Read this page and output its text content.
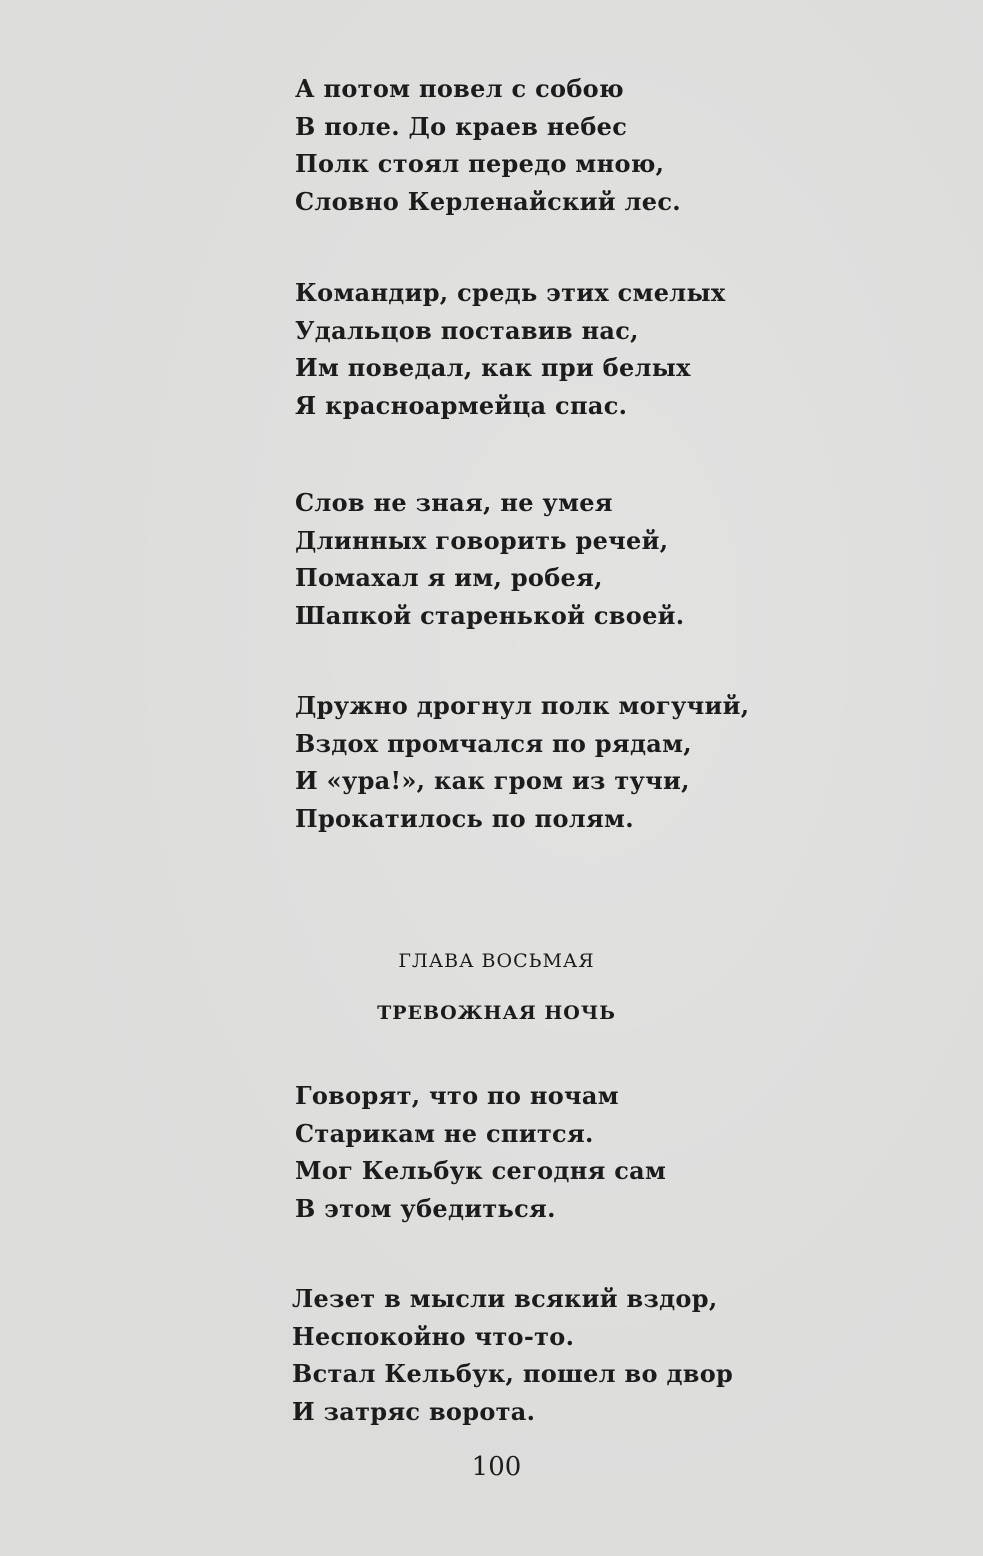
А потом повел с собою
В поле. До краев небес
Полк стоял передо мною,
Словно Керленайский лес.
Командир, средь этих смелых
Удальцов поставив нас,
Им поведал, как при белых
Я красноармейца спас.
Слов не зная, не умея
Длинных говорить речей,
Помахал я им, робея,
Шапкой старенькой своей.
Дружно дрогнул полк могучий,
Вздох промчался по рядам,
И «ура!», как гром из тучи,
Прокатилось по полям.
ГЛАВА ВОСЬМАЯ
ТРЕВОЖНАЯ НОЧЬ
Говорят, что по ночам
Старикам не спится.
Мог Кельбук сегодня сам
В этом убедиться.
Лезет в мысли всякий вздор,
Неспокойно что-то.
Встал Кельбук, пошел во двор
И затряс ворота.
100
